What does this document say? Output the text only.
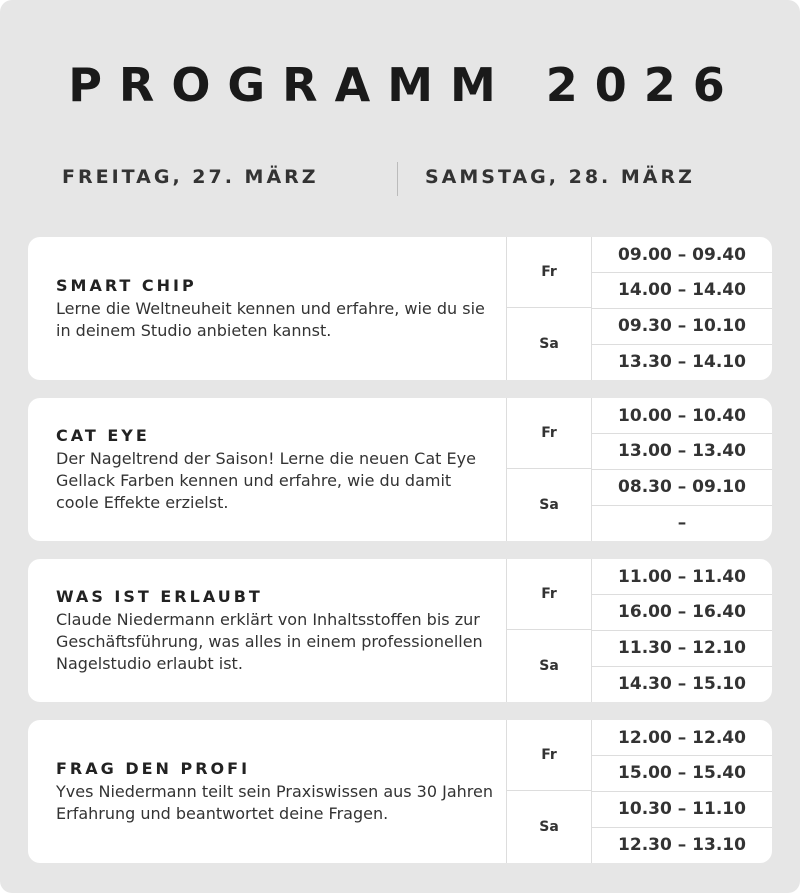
PROGRAMM 2026
FREITAG, 27. MÄRZ	SAMSTAG, 28. MÄRZ
SMART CHIP

Lerne die Weltneuheit kennen und erfahre, wie du sie in deinem Studio anbieten kannst.

Fr
Sa
09.00 – 09.40
14.00 – 14.40
09.30 – 10.10
13.30 – 14.10
CAT EYE

Der Nageltrend der Saison! Lerne die neuen Cat Eye Gellack Farben kennen und erfahre, wie du damit coole Effekte erzielst.

Fr
Sa
10.00 – 10.40
13.00 – 13.40
08.30 – 09.10
–
WAS IST ERLAUBT

Claude Niedermann erklärt von Inhaltsstoffen bis zur Geschäftsführung, was alles in einem professionellen Nagelstudio erlaubt ist.

Fr
Sa
11.00 – 11.40
16.00 – 16.40
11.30 – 12.10
14.30 – 15.10
FRAG DEN PROFI

Yves Niedermann teilt sein Praxiswissen aus 30 Jahren Erfahrung und beantwortet deine Fragen.

Fr
Sa
12.00 – 12.40
15.00 – 15.40
10.30 – 11.10
12.30 – 13.10
